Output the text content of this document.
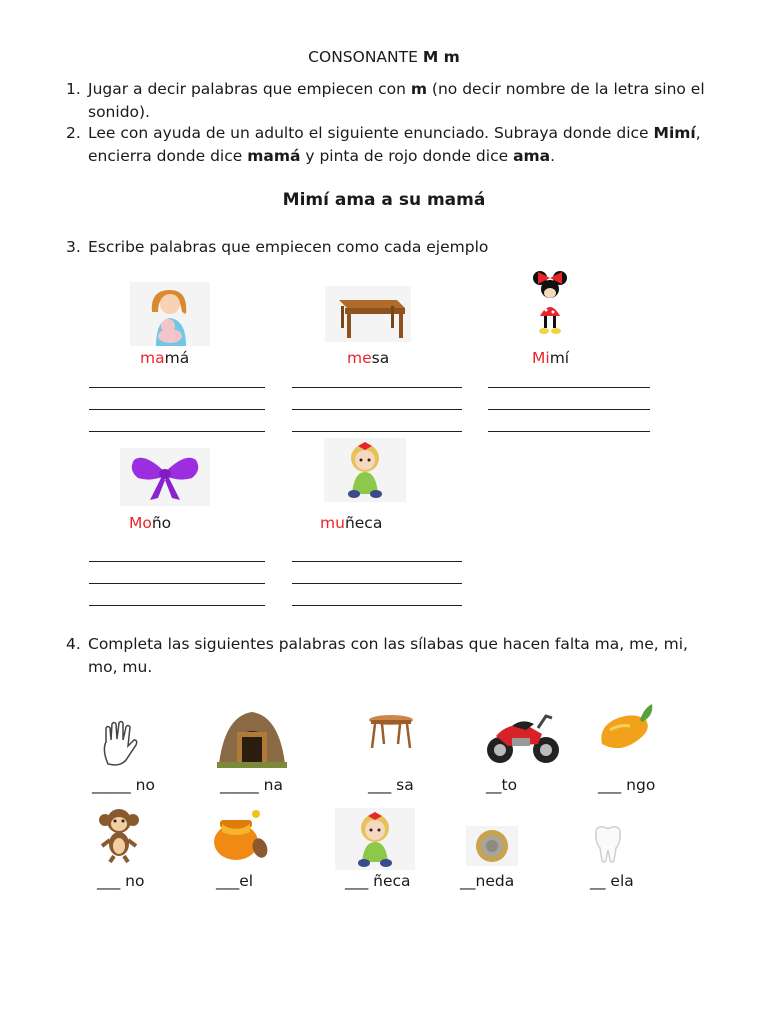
CONSONANTE M m
1. Jugar a decir palabras que empiecen con m (no decir nombre de la letra sino el sonido).
2. Lee con ayuda de un adulto el siguiente enunciado. Subraya donde dice Mimí, encierra donde dice mamá y pinta de rojo donde dice ama.
Mimí ama a su mamá
3. Escribe palabras que empiecen como cada ejemplo
mamá	mesa	Mimí
Moño	muñeca
4. Completa las siguientes palabras con las sílabas que hacen falta ma, me, mi, mo, mu.
_____ no	_____ na	___ sa	__to	___ ngo
___ no	___el	___ ñeca	__neda	__ ela
